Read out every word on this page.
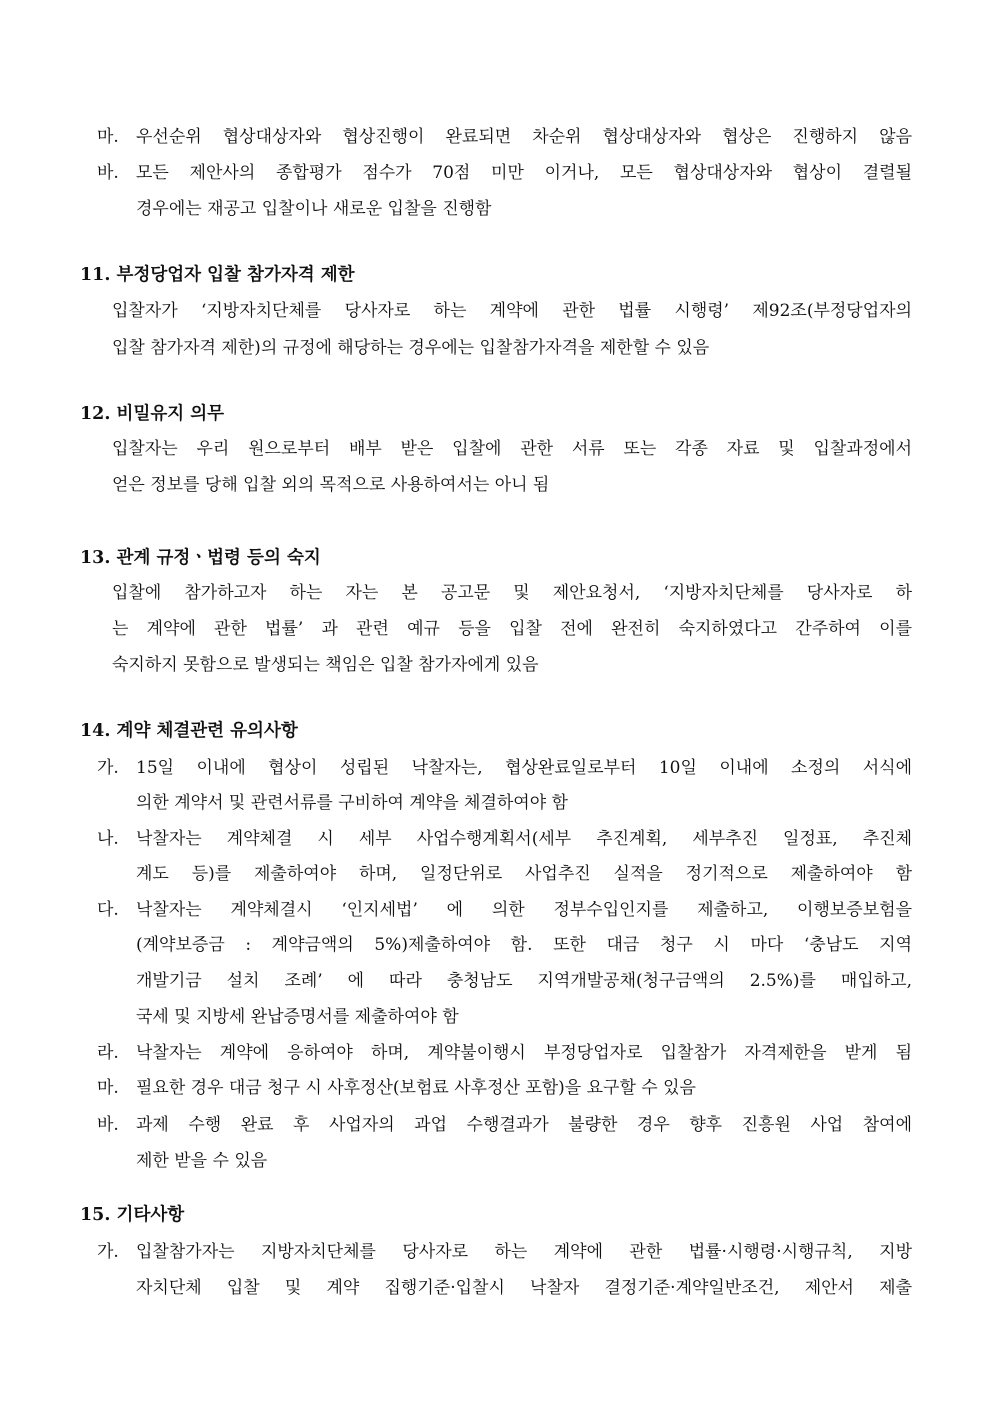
마. 우선순위 협상대상자와 협상진행이 완료되면 차순위 협상대상자와 협상은 진행하지 않음
바. 모든 제안사의 종합평가 점수가 70점 미만 이거나, 모든 협상대상자와 협상이 결렬될
경우에는 재공고 입찰이나 새로운 입찰을 진행함
11. 부정당업자 입찰 참가자격 제한
입찰자가 ‘지방자치단체를 당사자로 하는 계약에 관한 법률 시행령’ 제92조(부정당업자의
입찰 참가자격 제한)의 규정에 해당하는 경우에는 입찰참가자격을 제한할 수 있음
12. 비밀유지 의무
입찰자는 우리 원으로부터 배부 받은 입찰에 관한 서류 또는 각종 자료 및 입찰과정에서
얻은 정보를 당해 입찰 외의 목적으로 사용하여서는 아니 됨
13. 관계 규정ㆍ법령 등의 숙지
입찰에 참가하고자 하는 자는 본 공고문 및 제안요청서, ‘지방자치단체를 당사자로 하
는 계약에 관한 법률’ 과 관련 예규 등을 입찰 전에 완전히 숙지하였다고 간주하여 이를
숙지하지 못함으로 발생되는 책임은 입찰 참가자에게 있음
14. 계약 체결관련 유의사항
가. 15일 이내에 협상이 성립된 낙찰자는, 협상완료일로부터 10일 이내에 소정의 서식에
의한 계약서 및 관련서류를 구비하여 계약을 체결하여야 함
나. 낙찰자는 계약체결 시 세부 사업수행계획서(세부 추진계획, 세부추진 일정표, 추진체
계도 등)를 제출하여야 하며, 일정단위로 사업추진 실적을 정기적으로 제출하여야 함
다. 낙찰자는 계약체결시 ‘인지세법’ 에 의한 정부수입인지를 제출하고, 이행보증보험을
(계약보증금 : 계약금액의 5%)제출하여야 함. 또한 대금 청구 시 마다 ‘충남도 지역
개발기금 설치 조례’ 에 따라 충청남도 지역개발공채(청구금액의 2.5%)를 매입하고,
국세 및 지방세 완납증명서를 제출하여야 함
라. 낙찰자는 계약에 응하여야 하며, 계약불이행시 부정당업자로 입찰참가 자격제한을 받게 됨
마. 필요한 경우 대금 청구 시 사후정산(보험료 사후정산 포함)을 요구할 수 있음
바. 과제 수행 완료 후 사업자의 과업 수행결과가 불량한 경우 향후 진흥원 사업 참여에
제한 받을 수 있음
15. 기타사항
가. 입찰참가자는 지방자치단체를 당사자로 하는 계약에 관한 법률·시행령·시행규칙, 지방
자치단체 입찰 및 계약 집행기준·입찰시 낙찰자 결정기준·계약일반조건, 제안서 제출
